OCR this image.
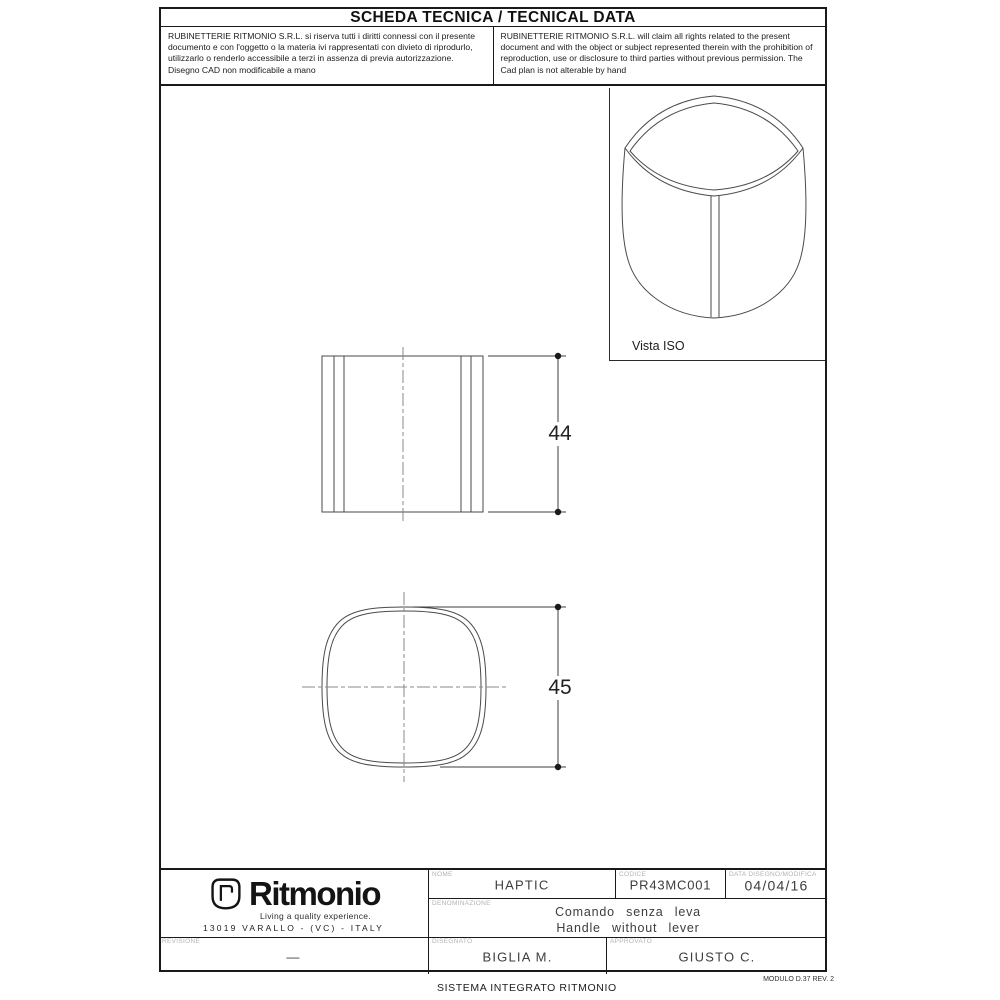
SCHEDA TECNICA / TECNICAL DATA
RUBINETTERIE RITMONIO S.R.L. si riserva tutti i diritti connessi con il presente documento e con l'oggetto o la materia ivi rappresentati con divieto di riprodurlo, utilizzarlo o renderlo accessibile a terzi in assenza di previa autorizzazione. Disegno CAD non modificabile a mano
RUBINETTERIE RITMONIO S.R.L. will claim all rights related to the present document and with the object or subject represented therein with the prohibition of reproduction, use or disclosure to third parties without previous permission. The Cad plan is not alterable by hand
Vista ISO
44
45
Ritmonio
Living a quality experience.
13019 VARALLO - (VC) - ITALY
NOME
HAPTIC
CODICE
PR43MC001
DATA DISEGNO/MODIFICA
04/04/16
DENOMINAZIONE
Comando senza leva
Handle without lever
REVISIONE
—
DISEGNATO
BIGLIA M.
APPROVATO
GIUSTO C.
SISTEMA INTEGRATO RITMONIO
MODULO D.37 REV. 2
